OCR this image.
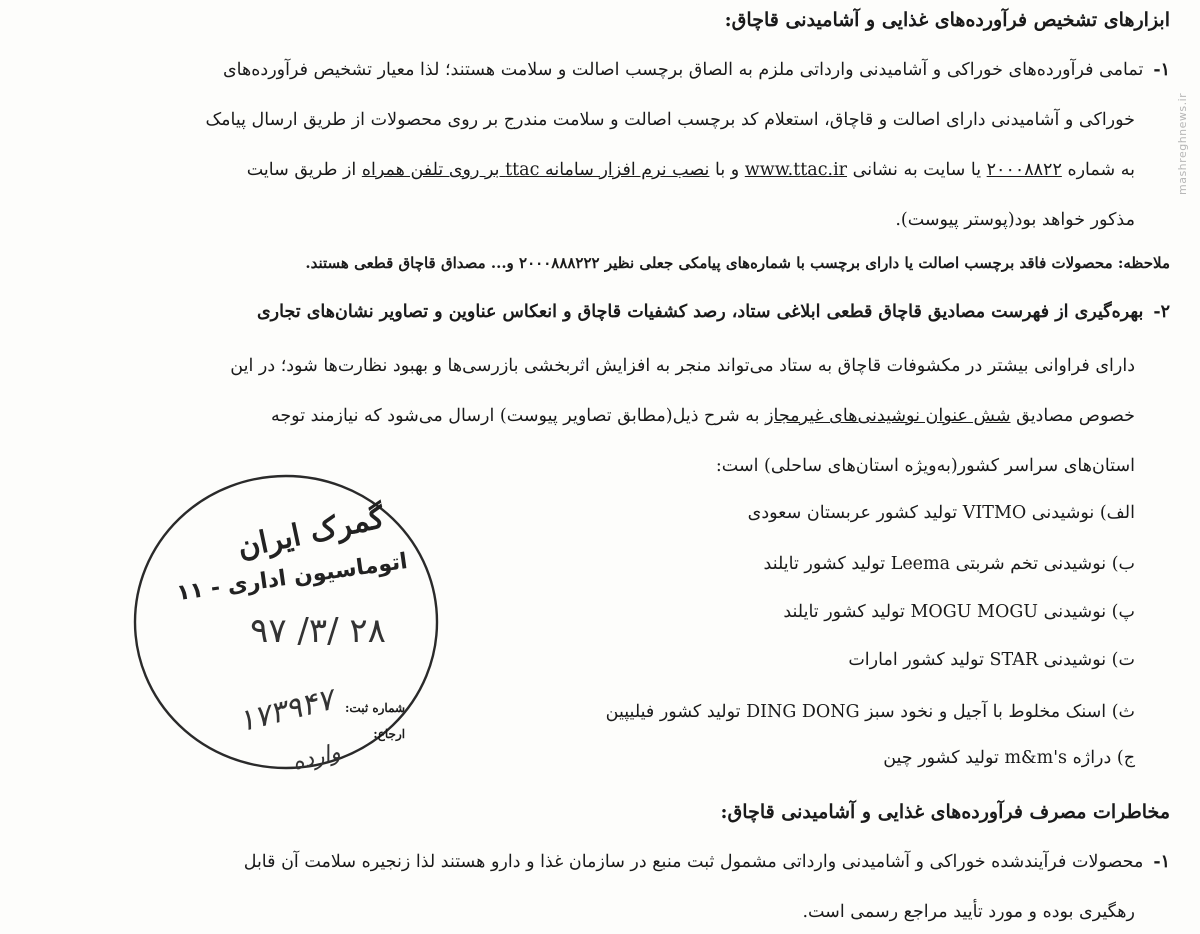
mashreghnews.ir
ابزارهای تشخیص فرآورده‌های غذایی و آشامیدنی قاچاق:
۱-تمامی فرآورده‌های خوراکی و آشامیدنی وارداتی ملزم به الصاق برچسب اصالت و سلامت هستند؛ لذا معیار تشخیص فرآورده‌های
خوراکی و آشامیدنی دارای اصالت و قاچاق، استعلام کد برچسب اصالت و سلامت مندرج بر روی محصولات از طریق ارسال پیامک
به شماره ۲۰۰۰۸۸۲۲ یا سایت به نشانی www.ttac.ir و با نصب نرم افزار سامانه ttac بر روی تلفن همراه از طریق سایت
مذکور خواهد بود(پوستر پیوست).
ملاحظه: محصولات فاقد برچسب اصالت یا دارای برچسب با شماره‌های پیامکی جعلی نظیر ۲۰۰۰۸۸۸۲۲۲ و... مصداق قاچاق قطعی هستند.
۲-بهره‌گیری از فهرست مصادیق قاچاق قطعی ابلاغی ستاد، رصد کشفیات قاچاق و انعکاس عناوین و تصاویر نشان‌های تجاری
دارای فراوانی بیشتر در مکشوفات قاچاق به ستاد می‌تواند منجر به افزایش اثربخشی بازرسی‌ها و بهبود نظارت‌ها شود؛ در این
خصوص مصادیق شش عنوان نوشیدنی‌های غیرمجاز به شرح ذیل(مطابق تصاویر پیوست) ارسال می‌شود که نیازمند توجه
استان‌های سراسر کشور(به‌ویژه استان‌های ساحلی) است:
الف) نوشیدنی VITMO تولید کشور عربستان سعودی
ب) نوشیدنی تخم شربتی Leema تولید کشور تایلند
پ) نوشیدنی MOGU MOGU تولید کشور تایلند
ت) نوشیدنی STAR تولید کشور امارات
ث) اسنک مخلوط با آجیل و نخود سبز DING DONG تولید کشور فیلیپین
ج) دراژه m&m's تولید کشور چین
مخاطرات مصرف فرآورده‌های غذایی و آشامیدنی قاچاق:
۱-محصولات فرآیندشده خوراکی و آشامیدنی وارداتی مشمول ثبت منبع در سازمان غذا و دارو هستند لذا زنجیره سلامت آن قابل
رهگیری بوده و مورد تأیید مراجع رسمی است.
گمرک ایران
اتوماسیون اداری - ۱۱
۹۷ /۳/ ۲۸
۱۷۳۹۴۷
وارده
شماره ثبت:
ارجاع:
